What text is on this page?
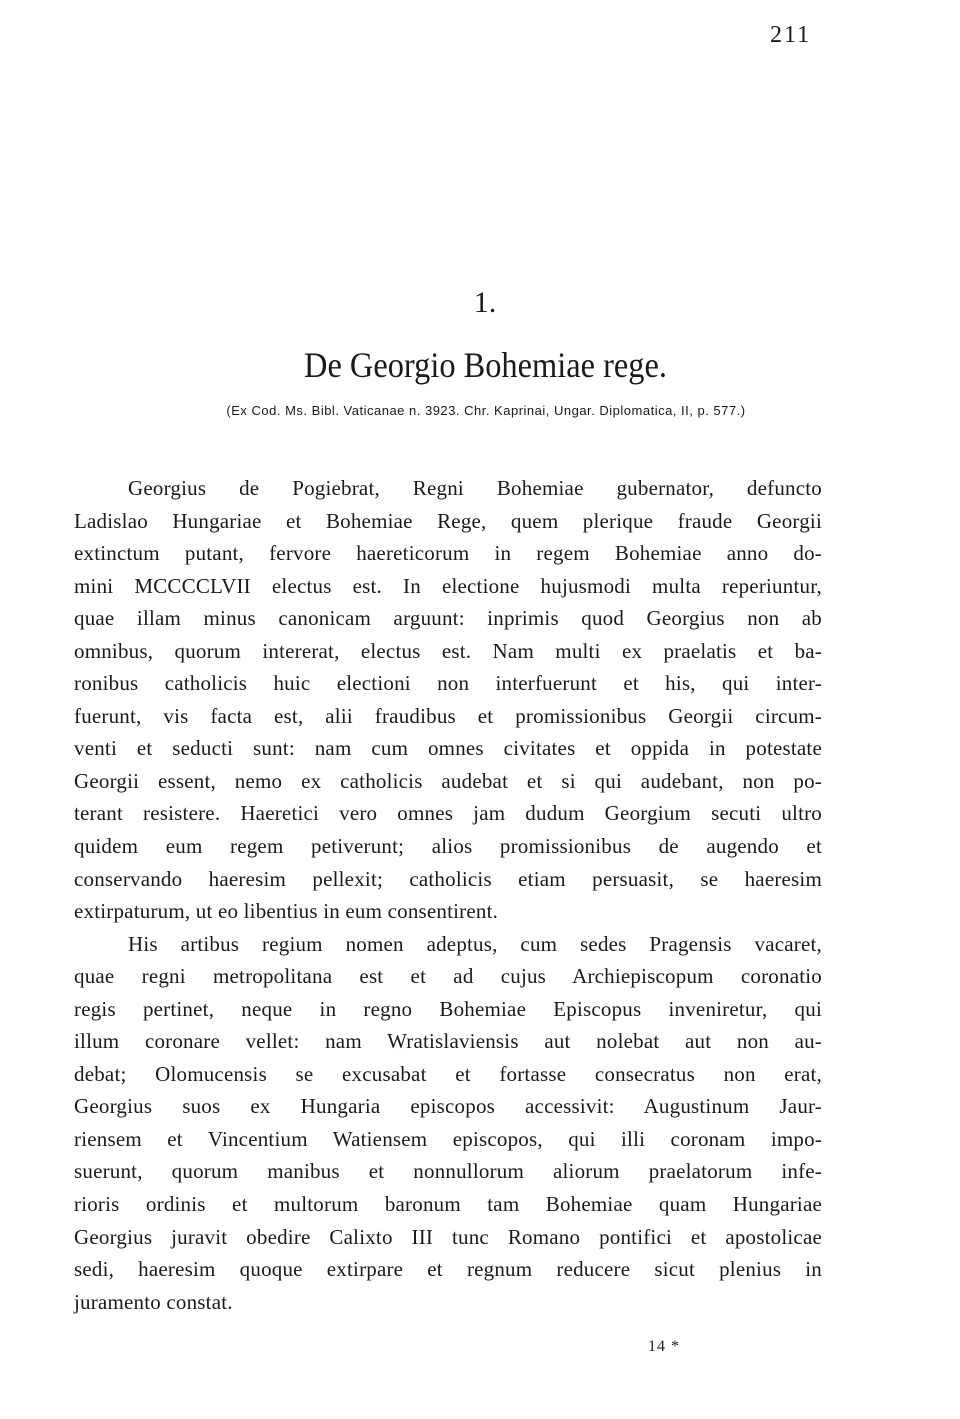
211
1.
De Georgio Bohemiae rege.
(Ex Cod. Ms. Bibl. Vaticanae n. 3923. Chr. Kaprinai, Ungar. Diplomatica, II, p. 577.)

Georgius de Pogiebrat, Regni Bohemiae gubernator, defuncto
Ladislao Hungariae et Bohemiae Rege, quem plerique fraude Georgii
extinctum putant, fervore haereticorum in regem Bohemiae anno do-
mini MCCCCLVII electus est. In electione hujusmodi multa reperiuntur,
quae illam minus canonicam arguunt: inprimis quod Georgius non ab
omnibus, quorum intererat, electus est. Nam multi ex praelatis et ba-
ronibus catholicis huic electioni non interfuerunt et his, qui inter-
fuerunt, vis facta est, alii fraudibus et promissionibus Georgii circum-
venti et seducti sunt: nam cum omnes civitates et oppida in potestate
Georgii essent, nemo ex catholicis audebat et si qui audebant, non po-
terant resistere. Haeretici vero omnes jam dudum Georgium secuti ultro
quidem eum regem petiverunt; alios promissionibus de augendo et
conservando haeresim pellexit; catholicis etiam persuasit, se haeresim
extirpaturum, ut eo libentius in eum consentirent.

His artibus regium nomen adeptus, cum sedes Pragensis vacaret,
quae regni metropolitana est et ad cujus Archiepiscopum coronatio
regis pertinet, neque in regno Bohemiae Episcopus inveniretur, qui
illum coronare vellet: nam Wratislaviensis aut nolebat aut non au-
debat; Olomucensis se excusabat et fortasse consecratus non erat,
Georgius suos ex Hungaria episcopos accessivit: Augustinum Jaur-
riensem et Vincentium Watiensem episcopos, qui illi coronam impo-
suerunt, quorum manibus et nonnullorum aliorum praelatorum infe-
rioris ordinis et multorum baronum tam Bohemiae quam Hungariae
Georgius juravit obedire Calixto III tunc Romano pontifici et apostolicae
sedi, haeresim quoque extirpare et regnum reducere sicut plenius in
juramento constat.

14 *
